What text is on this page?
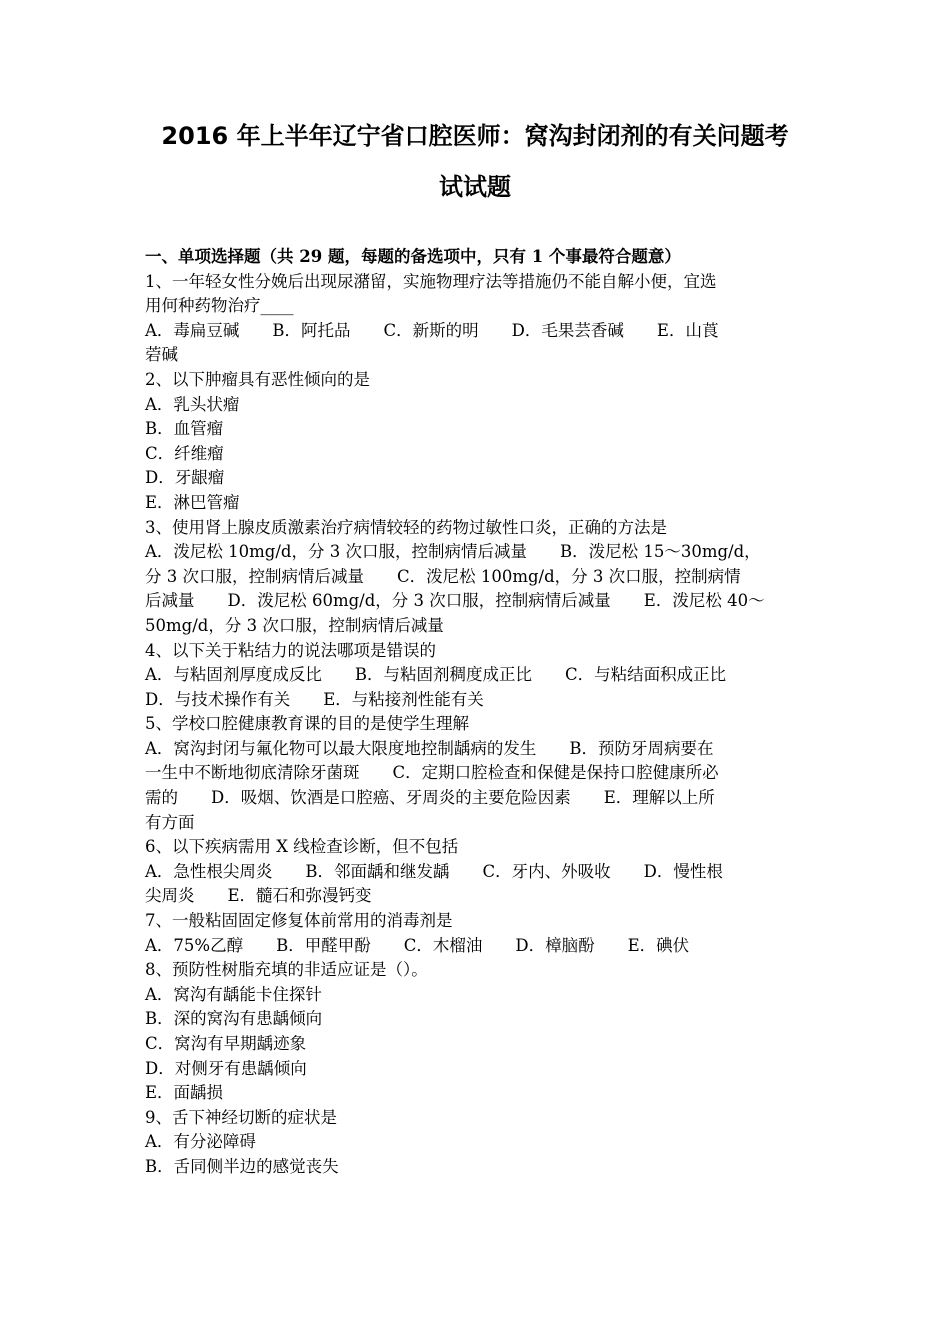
2016 年上半年辽宁省口腔医师：窝沟封闭剂的有关问题考
试试题
一、单项选择题（共 29 题，每题的备选项中，只有 1 个事最符合题意）
1、一年轻女性分娩后出现尿潴留，实施物理疗法等措施仍不能自解小便，宜选
用何种药物治疗____
A．毒扁豆碱　　B．阿托品　　C．新斯的明　　D．毛果芸香碱　　E．山莨
菪碱
2、以下肿瘤具有恶性倾向的是
A．乳头状瘤
B．血管瘤
C．纤维瘤
D．牙龈瘤
E．淋巴管瘤
3、使用肾上腺皮质激素治疗病情较轻的药物过敏性口炎，正确的方法是
A．泼尼松 10mg/d，分 3 次口服，控制病情后减量　　B．泼尼松 15～30mg/d，
分 3 次口服，控制病情后减量　　C．泼尼松 100mg/d，分 3 次口服，控制病情
后减量　　D．泼尼松 60mg/d，分 3 次口服，控制病情后减量　　E．泼尼松 40～
50mg/d，分 3 次口服，控制病情后减量
4、以下关于粘结力的说法哪项是错误的
A．与粘固剂厚度成反比　　B．与粘固剂稠度成正比　　C．与粘结面积成正比
D．与技术操作有关　　E．与粘接剂性能有关
5、学校口腔健康教育课的目的是使学生理解
A．窝沟封闭与氟化物可以最大限度地控制龋病的发生　　B．预防牙周病要在
一生中不断地彻底清除牙菌斑　　C．定期口腔检查和保健是保持口腔健康所必
需的　　D．吸烟、饮酒是口腔癌、牙周炎的主要危险因素　　E．理解以上所
有方面
6、以下疾病需用 X 线检查诊断，但不包括
A．急性根尖周炎　　B．邻面龋和继发龋　　C．牙内、外吸收　　D．慢性根
尖周炎　　E．髓石和弥漫钙变
7、一般粘固固定修复体前常用的消毒剂是
A．75%乙醇　　B．甲醛甲酚　　C．木榴油　　D．樟脑酚　　E．碘伏
8、预防性树脂充填的非适应证是（）。
A．窝沟有龋能卡住探针
B．深的窝沟有患龋倾向
C．窝沟有早期龋迹象
D．对侧牙有患龋倾向
E．面龋损
9、舌下神经切断的症状是
A．有分泌障碍
B．舌同侧半边的感觉丧失
